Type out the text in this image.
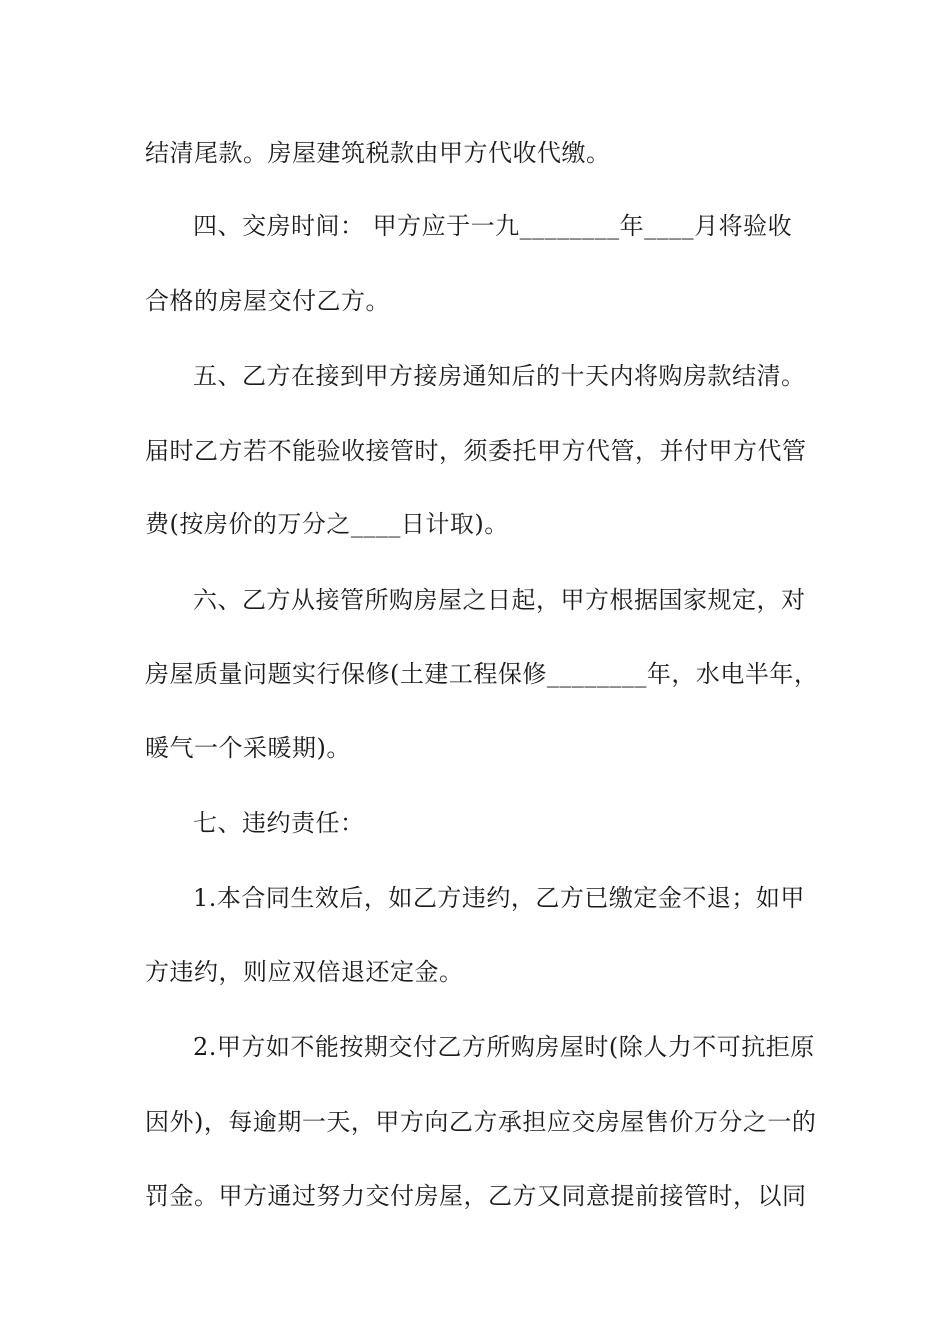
结清尾款。房屋建筑税款由甲方代收代缴。
四、交房时间： 甲方应于一九________年____月将验收
合格的房屋交付乙方。
五、乙方在接到甲方接房通知后的十天内将购房款结清。
届时乙方若不能验收接管时，须委托甲方代管，并付甲方代管
费(按房价的万分之____日计取)。
六、乙方从接管所购房屋之日起，甲方根据国家规定，对
房屋质量问题实行保修(土建工程保修________年，水电半年，
暖气一个采暖期)。
七、违约责任：
1.本合同生效后，如乙方违约，乙方已缴定金不退；如甲
方违约，则应双倍退还定金。
2.甲方如不能按期交付乙方所购房屋时(除人力不可抗拒原
因外)，每逾期一天，甲方向乙方承担应交房屋售价万分之一的
罚金。甲方通过努力交付房屋，乙方又同意提前接管时，以同
